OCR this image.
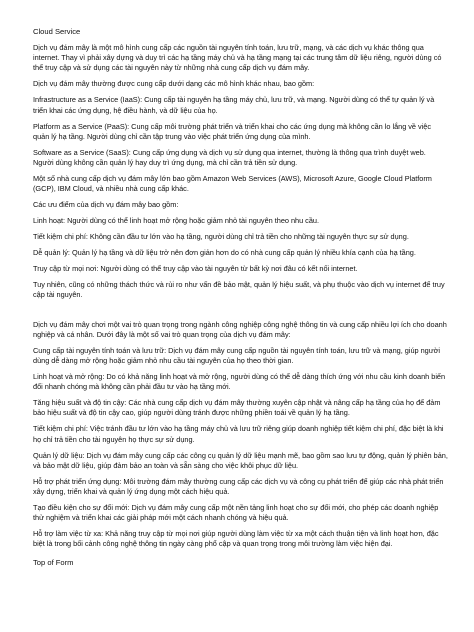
Cloud Service

Dịch vụ đám mây là một mô hình cung cấp các nguồn tài nguyên tính toán, lưu trữ, mạng, và các dịch vụ khác thông qua internet. Thay vì phải xây dựng và duy trì các hạ tầng máy chủ và hạ tầng mạng tại các trung tâm dữ liệu riêng, người dùng có thể truy cập và sử dụng các tài nguyên này từ những nhà cung cấp dịch vụ đám mây.

Dịch vụ đám mây thường được cung cấp dưới dạng các mô hình khác nhau, bao gồm:

Infrastructure as a Service (IaaS): Cung cấp tài nguyên hạ tầng máy chủ, lưu trữ, và mạng. Người dùng có thể tự quản lý và triển khai các ứng dụng, hệ điều hành, và dữ liệu của họ.

Platform as a Service (PaaS): Cung cấp môi trường phát triển và triển khai cho các ứng dụng mà không cần lo lắng về việc quản lý hạ tầng. Người dùng chỉ cần tập trung vào việc phát triển ứng dụng của mình.

Software as a Service (SaaS): Cung cấp ứng dụng và dịch vụ sử dụng qua internet, thường là thông qua trình duyệt web. Người dùng không cần quản lý hay duy trì ứng dụng, mà chỉ cần trả tiền sử dụng.

Một số nhà cung cấp dịch vụ đám mây lớn bao gồm Amazon Web Services (AWS), Microsoft Azure, Google Cloud Platform (GCP), IBM Cloud, và nhiều nhà cung cấp khác.

Các ưu điểm của dịch vụ đám mây bao gồm:

Linh hoạt: Người dùng có thể linh hoạt mở rộng hoặc giảm nhỏ tài nguyên theo nhu cầu.

Tiết kiệm chi phí: Không cần đầu tư lớn vào hạ tầng, người dùng chỉ trả tiền cho những tài nguyên thực sự sử dụng.

Dễ quản lý: Quản lý hạ tầng và dữ liệu trở nên đơn giản hơn do có nhà cung cấp quản lý nhiều khía cạnh của hạ tầng.

Truy cập từ mọi nơi: Người dùng có thể truy cập vào tài nguyên từ bất kỳ nơi đâu có kết nối internet.

Tuy nhiên, cũng có những thách thức và rủi ro như vấn đề bảo mật, quản lý hiệu suất, và phụ thuộc vào dịch vụ internet để truy cập tài nguyên.

Dịch vụ đám mây chơi một vai trò quan trọng trong ngành công nghiệp công nghệ thông tin và cung cấp nhiều lợi ích cho doanh nghiệp và cá nhân. Dưới đây là một số vai trò quan trọng của dịch vụ đám mây:

Cung cấp tài nguyên tính toán và lưu trữ: Dịch vụ đám mây cung cấp nguồn tài nguyên tính toán, lưu trữ và mạng, giúp người dùng dễ dàng mở rộng hoặc giảm nhỏ nhu cầu tài nguyên của họ theo thời gian.

Linh hoạt và mở rộng: Do có khả năng linh hoạt và mở rộng, người dùng có thể dễ dàng thích ứng với nhu cầu kinh doanh biến đổi nhanh chóng mà không cần phải đầu tư vào hạ tầng mới.

Tăng hiệu suất và độ tin cậy: Các nhà cung cấp dịch vụ đám mây thường xuyên cập nhật và nâng cấp hạ tầng của họ để đảm bảo hiệu suất và độ tin cậy cao, giúp người dùng tránh được những phiền toái về quản lý hạ tầng.

Tiết kiệm chi phí: Việc tránh đầu tư lớn vào hạ tầng máy chủ và lưu trữ riêng giúp doanh nghiệp tiết kiệm chi phí, đặc biệt là khi họ chỉ trả tiền cho tài nguyên họ thực sự sử dụng.

Quản lý dữ liệu: Dịch vụ đám mây cung cấp các công cụ quản lý dữ liệu mạnh mẽ, bao gồm sao lưu tự động, quản lý phiên bản, và bảo mật dữ liệu, giúp đảm bảo an toàn và sẵn sàng cho việc khôi phục dữ liệu.

Hỗ trợ phát triển ứng dụng: Môi trường đám mây thường cung cấp các dịch vụ và công cụ phát triển để giúp các nhà phát triển xây dựng, triển khai và quản lý ứng dụng một cách hiệu quả.

Tạo điều kiện cho sự đổi mới: Dịch vụ đám mây cung cấp một nền tảng linh hoạt cho sự đổi mới, cho phép các doanh nghiệp thử nghiệm và triển khai các giải pháp mới một cách nhanh chóng và hiệu quả.

Hỗ trợ làm việc từ xa: Khả năng truy cập từ mọi nơi giúp người dùng làm việc từ xa một cách thuận tiện và linh hoạt hơn, đặc biệt là trong bối cảnh công nghệ thông tin ngày càng phổ cập và quan trọng trong môi trường làm việc hiện đại.

Top of Form
